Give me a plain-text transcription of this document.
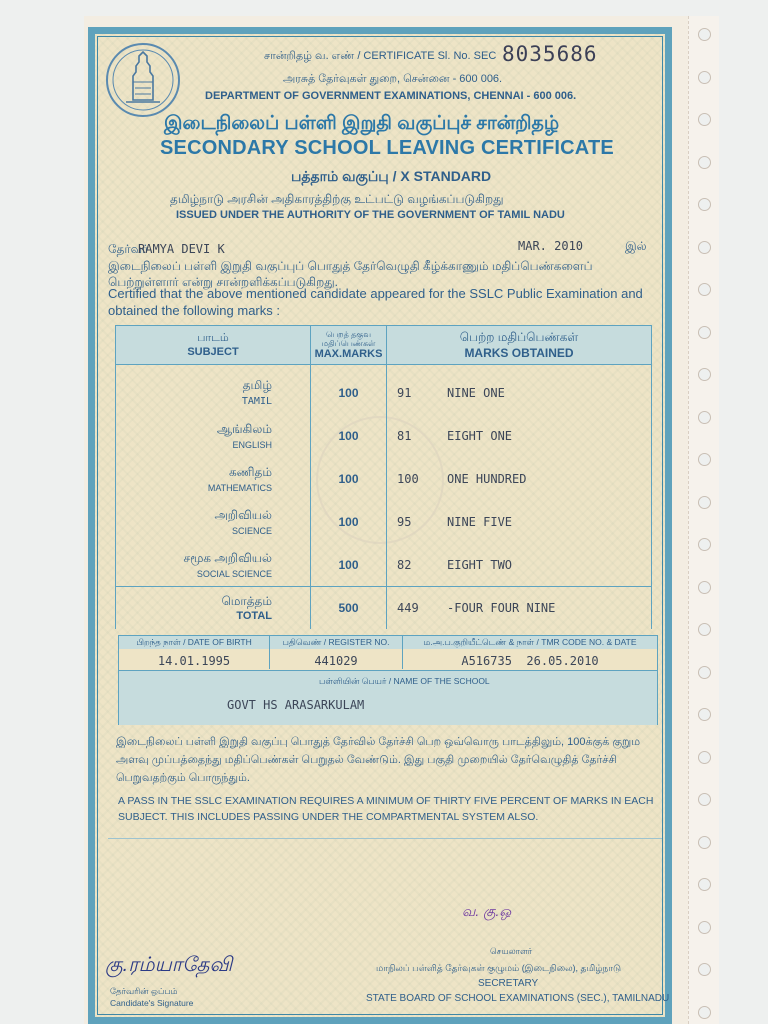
சான்றிதழ் வ. எண் / CERTIFICATE Sl. No. SEC 8035686
அரசுத் தேர்வுகள் துறை, சென்னை - 600 006.
DEPARTMENT OF GOVERNMENT EXAMINATIONS, CHENNAI - 600 006.
இடைநிலைப் பள்ளி இறுதி வகுப்புச் சான்றிதழ்
SECONDARY SCHOOL LEAVING CERTIFICATE
பத்தாம் வகுப்பு / X STANDARD
தமிழ்நாடு அரசின் அதிகாரத்திற்கு உட்பட்டு வழங்கப்படுகிறது
ISSUED UNDER THE AUTHORITY OF THE GOVERNMENT OF TAMIL NADU
தேர்வர்
RAMYA DEVI K	MAR. 2010	இல்
இடைநிலைப் பள்ளி இறுதி வகுப்புப் பொதுத் தேர்வெழுதி கீழ்க்காணும் மதிப்பெண்களைப் பெற்றுள்ளார் என்று சான்றளிக்கப்படுகிறது.
Certified that the above mentioned candidate appeared for the SSLC Public Examination and obtained the following marks :
பாடம்
SUBJECT	பெறத் தகுவ மதிப்பெண்கள்
MAX.MARKS	பெற்ற மதிப்பெண்கள்
MARKS OBTAINED

தமிழ்
TAMIL	100	91 NINE ONE

ஆங்கிலம்
ENGLISH	100	81 EIGHT ONE

கணிதம்
MATHEMATICS	100	100 ONE HUNDRED

அறிவியல்
SCIENCE	100	95 NINE FIVE

சமூக அறிவியல்
SOCIAL SCIENCE	100	82 EIGHT TWO

மொத்தம்
TOTAL	500	449 -FOUR FOUR NINE
பிறந்த நாள் / DATE OF BIRTH	பதிவெண் / REGISTER NO.	ம.அ.ப.குறியீட்டெண் & நாள் / TMR CODE NO. & DATE
14.01.1995	441029	A516735 26.05.2010
பள்ளியின் பெயர் / NAME OF THE SCHOOL
GOVT HS ARASARKULAM
இடைநிலைப் பள்ளி இறுதி வகுப்பு பொதுத் தேர்வில் தேர்ச்சி பெற ஒவ்வொரு பாடத்திலும், 100க்குக் குறும அளவு முப்பத்தைந்து மதிப்பெண்கள் பெறுதல் வேண்டும். இது பகுதி முறையில் தேர்வெழுதித் தேர்ச்சி பெறுவதற்கும் பொருந்தும்.
A PASS IN THE SSLC EXAMINATION REQUIRES A MINIMUM OF THIRTY FIVE PERCENT OF MARKS IN EACH SUBJECT. THIS INCLUDES PASSING UNDER THE COMPARTMENTAL SYSTEM ALSO.
கு.ரம்யாதேவி
தேர்வரின் ஒப்பம்
Candidate's Signature
வ. கு.ஒ
செயலாளர்
மாநிலப் பள்ளித் தேர்வுகள் குழுமம் (இடைநிலை), தமிழ்நாடு
SECRETARY
STATE BOARD OF SCHOOL EXAMINATIONS (SEC.), TAMILNADU
